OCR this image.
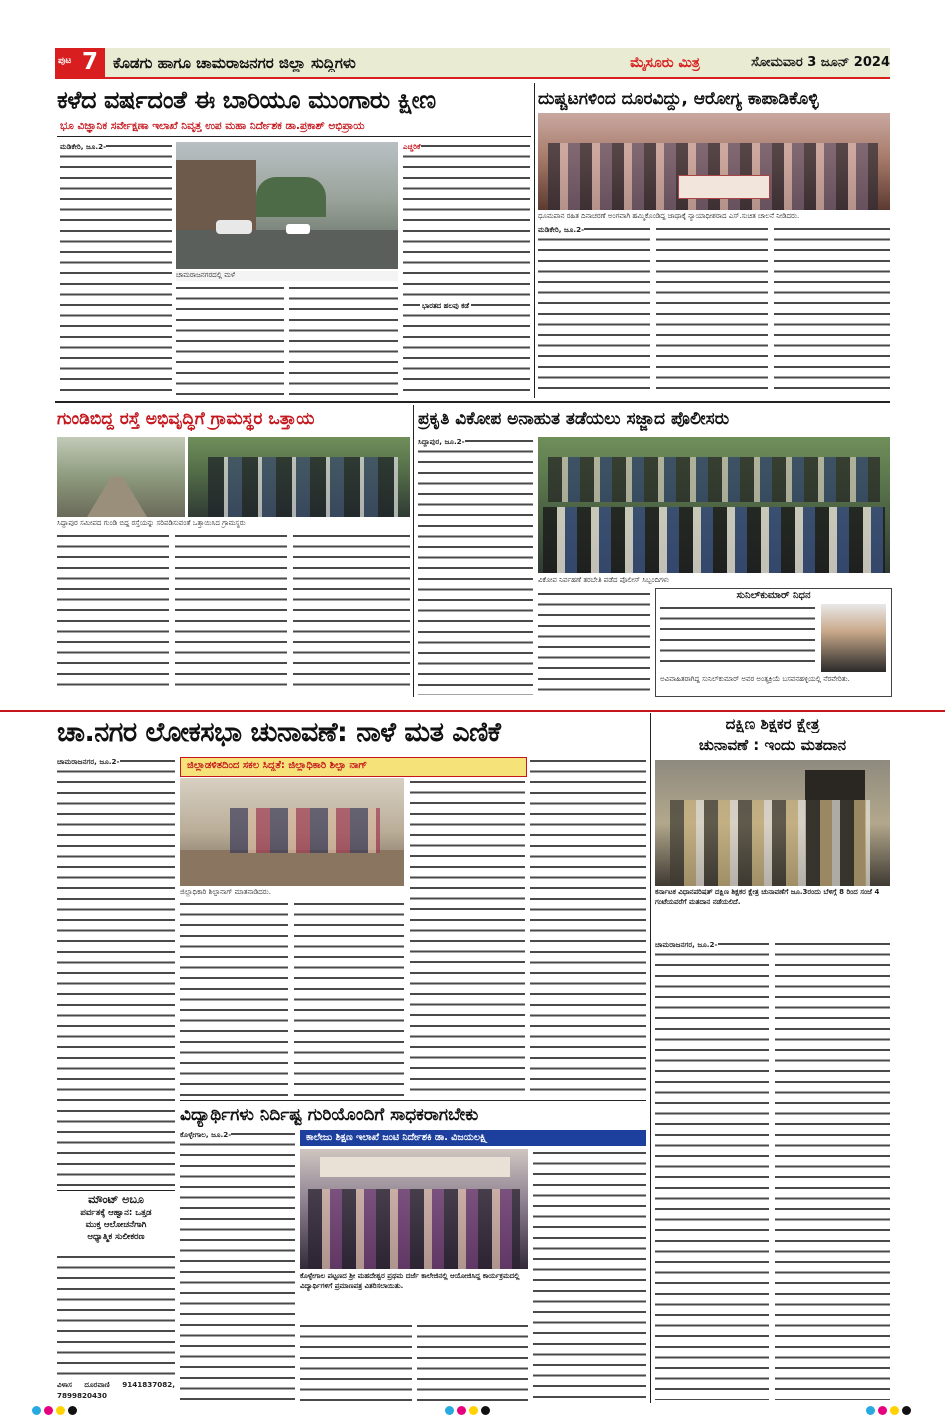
ಪುಟ 7 ಕೊಡಗು ಹಾಗೂ ಚಾಮರಾಜನಗರ ಜಿಲ್ಲಾ ಸುದ್ದಿಗಳು	ಮೈಸೂರು ಮಿತ್ರ	ಸೋಮವಾರ 3 ಜೂನ್ 2024
ಕಳೆದ ವರ್ಷದಂತೆ ಈ ಬಾರಿಯೂ ಮುಂಗಾರು ಕ್ಷೀಣ
ಭೂ ವಿಜ್ಞಾನಿಕ ಸರ್ವೇಕ್ಷಣಾ ಇಲಾಖೆ ನಿವೃತ್ತ ಉಪ ಮಹಾ ನಿರ್ದೇಶಕ ಡಾ.ಪ್ರಕಾಶ್ ಅಭಿಪ್ರಾಯ
ಮಡಿಕೇರಿ, ಜೂ.2-
ಚಾಮರಾಜನಗರದಲ್ಲಿ ಮಳೆ
ಎಚ್ಚರಿಕೆ
ದುಷ್ಚಟಗಳಿಂದ ದೂರವಿದ್ದು, ಆರೋಗ್ಯ ಕಾಪಾಡಿಕೊಳ್ಳಿ
ಧೂಮಪಾನ ರಹಿತ ದಿನಾಚರಣೆ ಅಂಗವಾಗಿ ಹಮ್ಮಿಕೊಂಡಿದ್ದ ಜಾಥಾಕ್ಕೆ ನ್ಯಾಯಾಧೀಶರಾದ ಎಸ್.ಸುಚಿತ ಚಾಲನೆ ನೀಡಿದರು.
ಮಡಿಕೇರಿ, ಜೂ.2-
ಭಾರತದ ಹಲವು ಕಡೆ
ಗುಂಡಿಬಿದ್ದ ರಸ್ತೆ ಅಭಿವೃದ್ಧಿಗೆ ಗ್ರಾಮಸ್ಥರ ಒತ್ತಾಯ
ಸಿದ್ದಾಪುರ ಸಮೀಪದ ಗುಂಡಿ ಬಿದ್ದ ರಸ್ತೆಯನ್ನು ಸರಿಪಡಿಸುವಂತೆ ಒತ್ತಾಯಿಸಿದ ಗ್ರಾಮಸ್ಥರು
ಪ್ರಕೃತಿ ವಿಕೋಪ ಅನಾಹುತ ತಡೆಯಲು ಸಜ್ಜಾದ ಪೊಲೀಸರು
ಸಿದ್ದಾಪುರ, ಜೂ.2-
ವಿಕೋಪ ನಿರ್ವಹಣೆ ತರಬೇತಿ ಪಡೆದ ಪೊಲೀಸ್ ಸಿಬ್ಬಂದಿಗಳು
ಸುನಿಲ್‌ಕುಮಾರ್ ನಿಧನ
ಅವಿವಾಹಿತರಾಗಿದ್ದ ಸುನಿಲ್‌ಕುಮಾರ್ ಅವರ ಅಂತ್ಯಕ್ರಿಯೆ ಬಸವನಹಳ್ಳಿಯಲ್ಲಿ ನೆರವೇರಿತು.
ಚಾ.ನಗರ ಲೋಕಸಭಾ ಚುನಾವಣೆ: ನಾಳೆ ಮತ ಎಣಿಕೆ
ಚಾಮರಾಜನಗರ, ಜೂ.2-	ಜಿಲ್ಲಾಡಳಿತದಿಂದ ಸಕಲ ಸಿದ್ಧತೆ: ಜಿಲ್ಲಾಧಿಕಾರಿ ಶಿಲ್ಪಾ ನಾಗ್
ಜಿಲ್ಲಾಧಿಕಾರಿ ಶಿಲ್ಪಾನಾಗ್ ಮಾತನಾಡಿದರು.
ದಕ್ಷಿಣ ಶಿಕ್ಷಕರ ಕ್ಷೇತ್ರ
ಚುನಾವಣೆ : ಇಂದು ಮತದಾನ
ಕರ್ನಾಟಕ ವಿಧಾನಪರಿಷತ್ ದಕ್ಷಿಣ ಶಿಕ್ಷಕರ ಕ್ಷೇತ್ರ ಚುನಾವಣೆಗೆ ಜೂ.3ರಂದು ಬೆಳಿಗ್ಗೆ 8 ರಿಂದ ಸಂಜೆ 4 ಗಂಟೆಯವರೆಗೆ ಮತದಾನ ನಡೆಯಲಿದೆ.
ಚಾಮರಾಜನಗರ, ಜೂ.2-
ಮೌಂಟ್ ಅಬೂ
ಪರ್ವತಕ್ಕೆ ಆಹ್ವಾನ: ಒತ್ತಡ
ಮುಕ್ತ ಆಲೋಚನೆಗಾಗಿ
ಆಧ್ಯಾತ್ಮಿಕ ಸುಲೀಕರಣ
ವಿಳಾಸ ದೂರವಾಣಿ 9141837082, 7899820430
ವಿದ್ಯಾರ್ಥಿಗಳು ನಿರ್ದಿಷ್ಟ ಗುರಿಯೊಂದಿಗೆ ಸಾಧಕರಾಗಬೇಕು
ಕೊಳ್ಳೇಗಾಲ, ಜೂ.2-	ಕಾಲೇಜು ಶಿಕ್ಷಣ ಇಲಾಖೆ ಜಂಟಿ ನಿರ್ದೇಶಕಿ ಡಾ. ವಿಜಯಲಕ್ಷ್ಮಿ
ಕೊಳ್ಳೇಗಾಲ ಪಟ್ಟಣದ ಶ್ರೀ ಮಹದೇಶ್ವರ ಪ್ರಥಮ ದರ್ಜೆ ಕಾಲೇಜಿನಲ್ಲಿ ಆಯೋಜಿಸಿದ್ದ ಕಾರ್ಯಕ್ರಮದಲ್ಲಿ ವಿದ್ಯಾರ್ಥಿಗಳಿಗೆ ಪ್ರಮಾಣಪತ್ರ ವಿತರಿಸಲಾಯಿತು.
